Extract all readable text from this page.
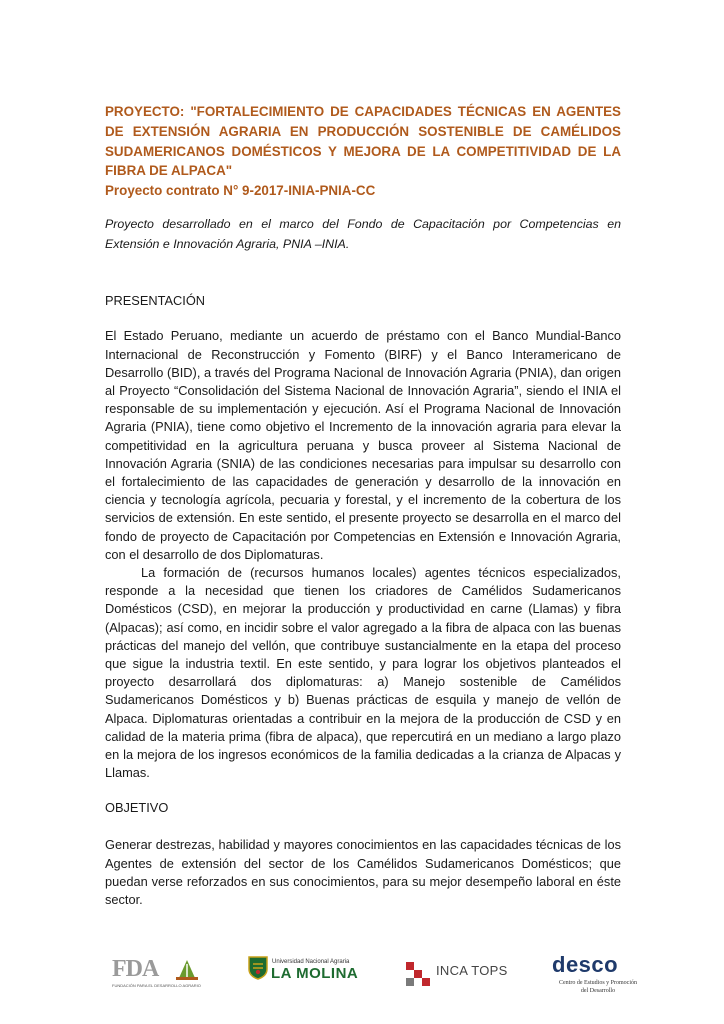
PROYECTO: "FORTALECIMIENTO DE CAPACIDADES TÉCNICAS EN AGENTES DE EXTENSIÓN AGRARIA EN PRODUCCIÓN SOSTENIBLE DE CAMÉLIDOS SUDAMERICANOS DOMÉSTICOS Y MEJORA DE LA COMPETITIVIDAD DE LA FIBRA DE ALPACA"

Proyecto contrato N° 9-2017-INIA-PNIA-CC

Proyecto desarrollado en el marco del Fondo de Capacitación por Competencias en Extensión e Innovación Agraria, PNIA –INIA.

PRESENTACIÓN

El Estado Peruano, mediante un acuerdo de préstamo con el Banco Mundial-Banco Internacional de Reconstrucción y Fomento (BIRF) y el Banco Interamericano de Desarrollo (BID), a través del Programa Nacional de Innovación Agraria (PNIA), dan origen al Proyecto “Consolidación del Sistema Nacional de Innovación Agraria”, siendo el INIA el responsable de su implementación y ejecución. Así el Programa Nacional de Innovación Agraria (PNIA), tiene como objetivo el Incremento de la innovación agraria para elevar la competitividad en la agricultura peruana y busca proveer al Sistema Nacional de Innovación Agraria (SNIA) de las condiciones necesarias para impulsar su desarrollo con el fortalecimiento de las capacidades de generación y desarrollo de la innovación en ciencia y tecnología agrícola, pecuaria y forestal, y el incremento de la cobertura de los servicios de extensión. En este sentido, el presente proyecto se desarrolla en el marco del fondo de proyecto de Capacitación por Competencias en Extensión e Innovación Agraria, con el desarrollo de dos Diplomaturas.

La formación de (recursos humanos locales) agentes técnicos especializados, responde a la necesidad que tienen los criadores de Camélidos Sudamericanos Domésticos (CSD), en mejorar la producción y productividad en carne (Llamas) y fibra (Alpacas); así como, en incidir sobre el valor agregado a la fibra de alpaca con las buenas prácticas del manejo del vellón, que contribuye sustancialmente en la etapa del proceso que sigue la industria textil. En este sentido, y para lograr los objetivos planteados el proyecto desarrollará dos diplomaturas: a) Manejo sostenible de Camélidos Sudamericanos Domésticos y b) Buenas prácticas de esquila y manejo de vellón de Alpaca. Diplomaturas orientadas a contribuir en la mejora de la producción de CSD y en calidad de la materia prima (fibra de alpaca), que repercutirá en un mediano a largo plazo en la mejora de los ingresos económicos de la familia dedicadas a la crianza de Alpacas y Llamas.

OBJETIVO

Generar destrezas, habilidad y mayores conocimientos en las capacidades técnicas de los Agentes de extensión del sector de los Camélidos Sudamericanos Domésticos; que puedan verse reforzados en sus conocimientos, para su mejor desempeño laboral en éste sector.

FDA
FUNDACIÓN PARA EL DESARROLLO AGRARIO
Universidad Nacional Agraria
LA MOLINA	INCA TOPS desco
Centro de Estudios y Promoción del Desarrollo
